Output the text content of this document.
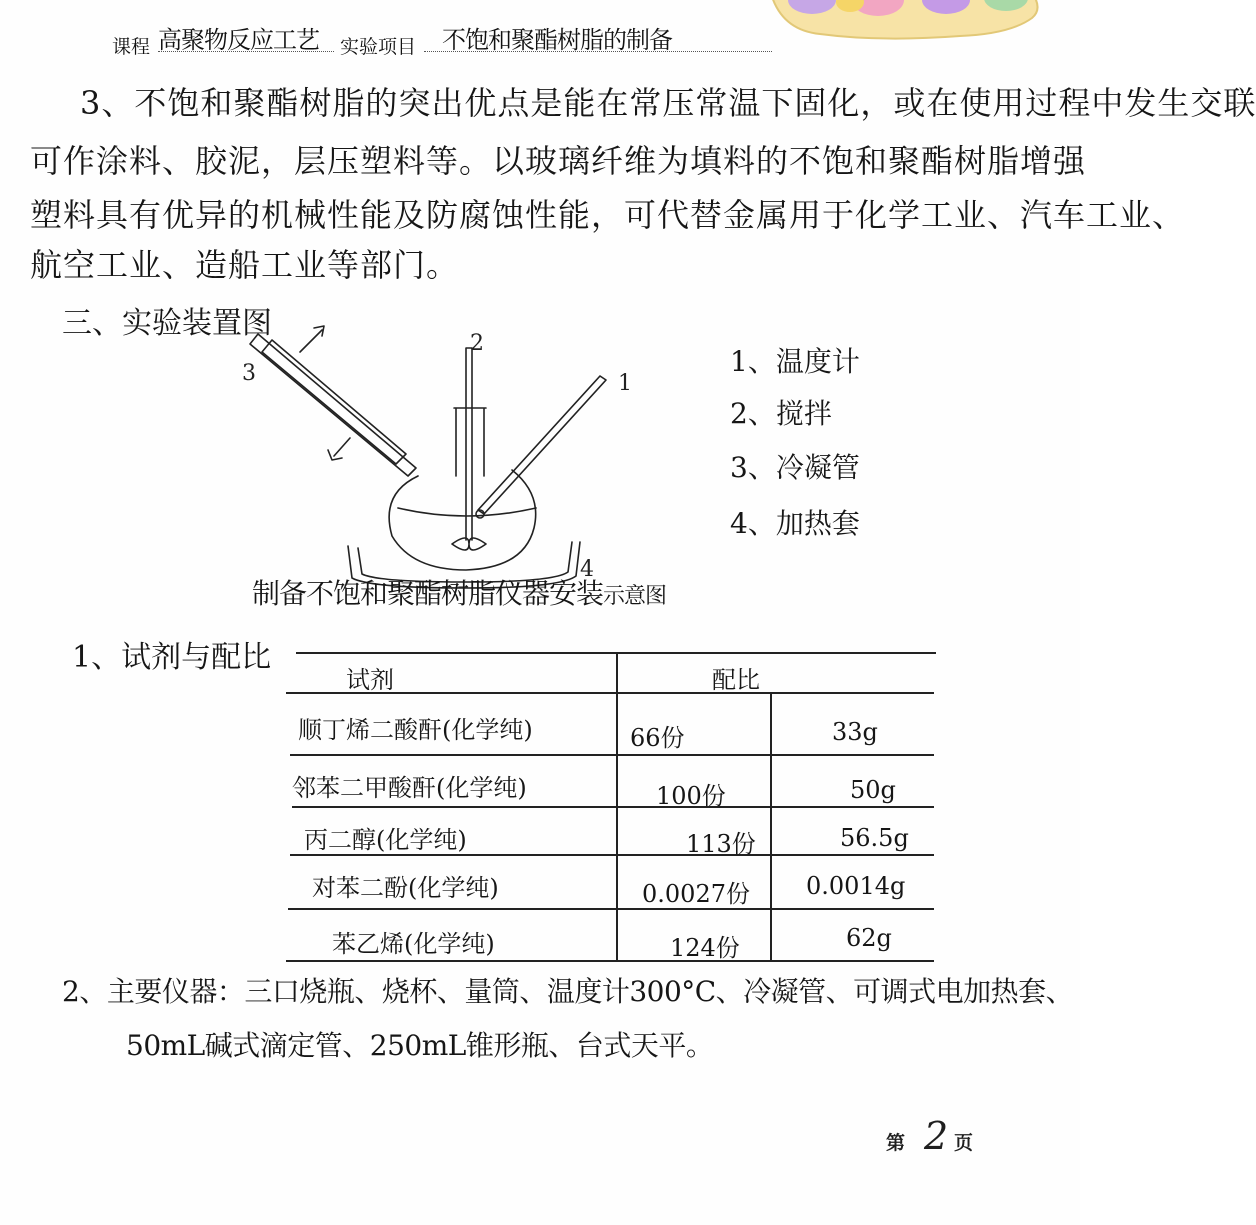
课程 高聚物反应工艺	实验项目 不饱和聚酯树脂的制备
3、不饱和聚酯树脂的突出优点是能在常压常温下固化，或在使用过程中发生交联
可作涂料、胶泥，层压塑料等。以玻璃纤维为填料的不饱和聚酯树脂增强
塑料具有优异的机械性能及防腐蚀性能，可代替金属用于化学工业、汽车工业、
航空工业、造船工业等部门。
三、实验装置图
3
2
1
4
1、温度计
2、搅拌
3、冷凝管
4、加热套
制备不饱和聚酯树脂仪器安装示意图
1、试剂与配比
试剂	配比
顺丁烯二酸酐(化学纯)	66份	33g
邻苯二甲酸酐(化学纯)	100份	50g
丙二醇(化学纯)	113份	56.5g
对苯二酚(化学纯)	0.0027份 0.0014g
苯乙烯(化学纯)	124份	62g
2、主要仪器：三口烧瓶、烧杯、量筒、温度计300°C、冷凝管、可调式电加热套、
50mL碱式滴定管、250mL锥形瓶、台式天平。
第 2 页
